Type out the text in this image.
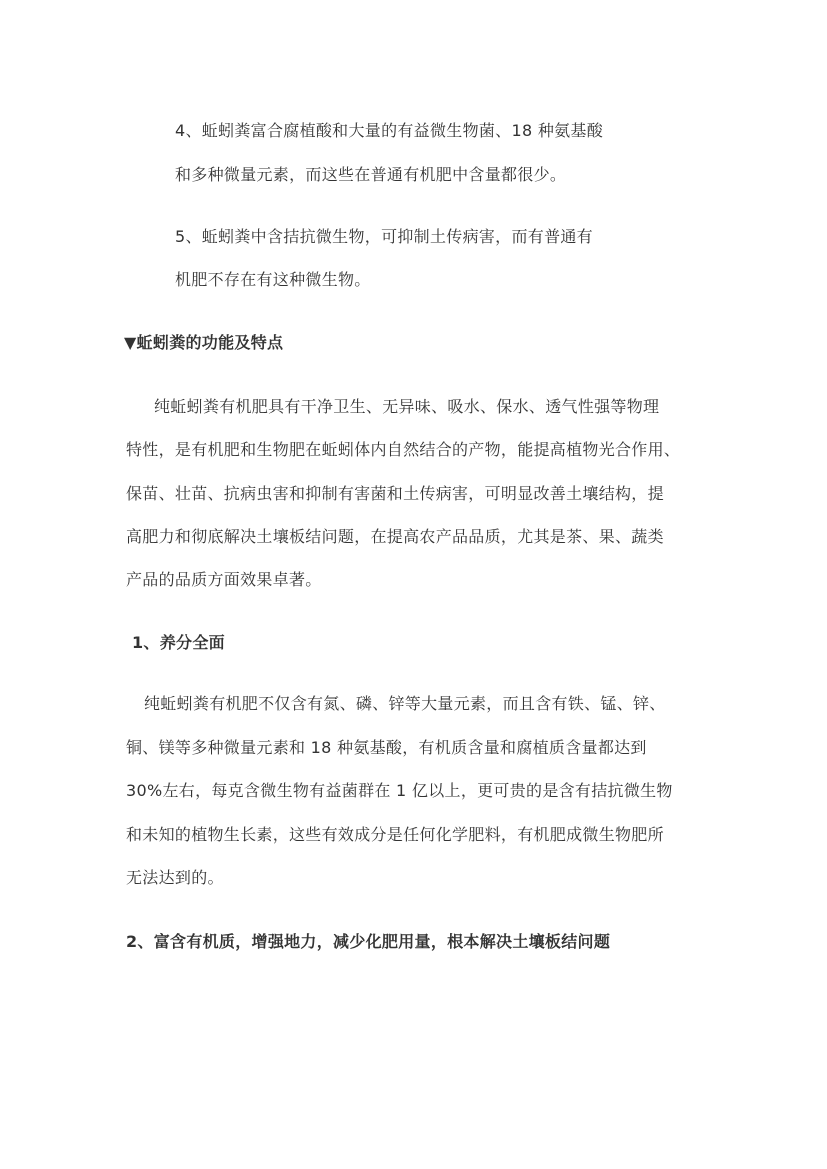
4、蚯蚓粪富合腐植酸和大量的有益微生物菌、18 种氨基酸
和多种微量元素，而这些在普通有机肥中含量都很少。
5、蚯蚓粪中含拮抗微生物，可抑制土传病害，而有普通有
机肥不存在有这种微生物。
▼蚯蚓粪的功能及特点
纯蚯蚓粪有机肥具有干净卫生、无异味、吸水、保水、透气性强等物理
特性，是有机肥和生物肥在蚯蚓体内自然结合的产物，能提高植物光合作用、
保苗、壮苗、抗病虫害和抑制有害菌和土传病害，可明显改善土壤结构，提
高肥力和彻底解决土壤板结问题，在提高农产品品质，尤其是茶、果、蔬类
产品的品质方面效果卓著。
1、养分全面
纯蚯蚓粪有机肥不仅含有氮、磷、锌等大量元素，而且含有铁、锰、锌、
铜、镁等多种微量元素和 18 种氨基酸，有机质含量和腐植质含量都达到
30%左右，每克含微生物有益菌群在 1 亿以上，更可贵的是含有拮抗微生物
和未知的植物生长素，这些有效成分是任何化学肥料，有机肥成微生物肥所
无法达到的。
2、富含有机质，增强地力，减少化肥用量，根本解决土壤板结问题
